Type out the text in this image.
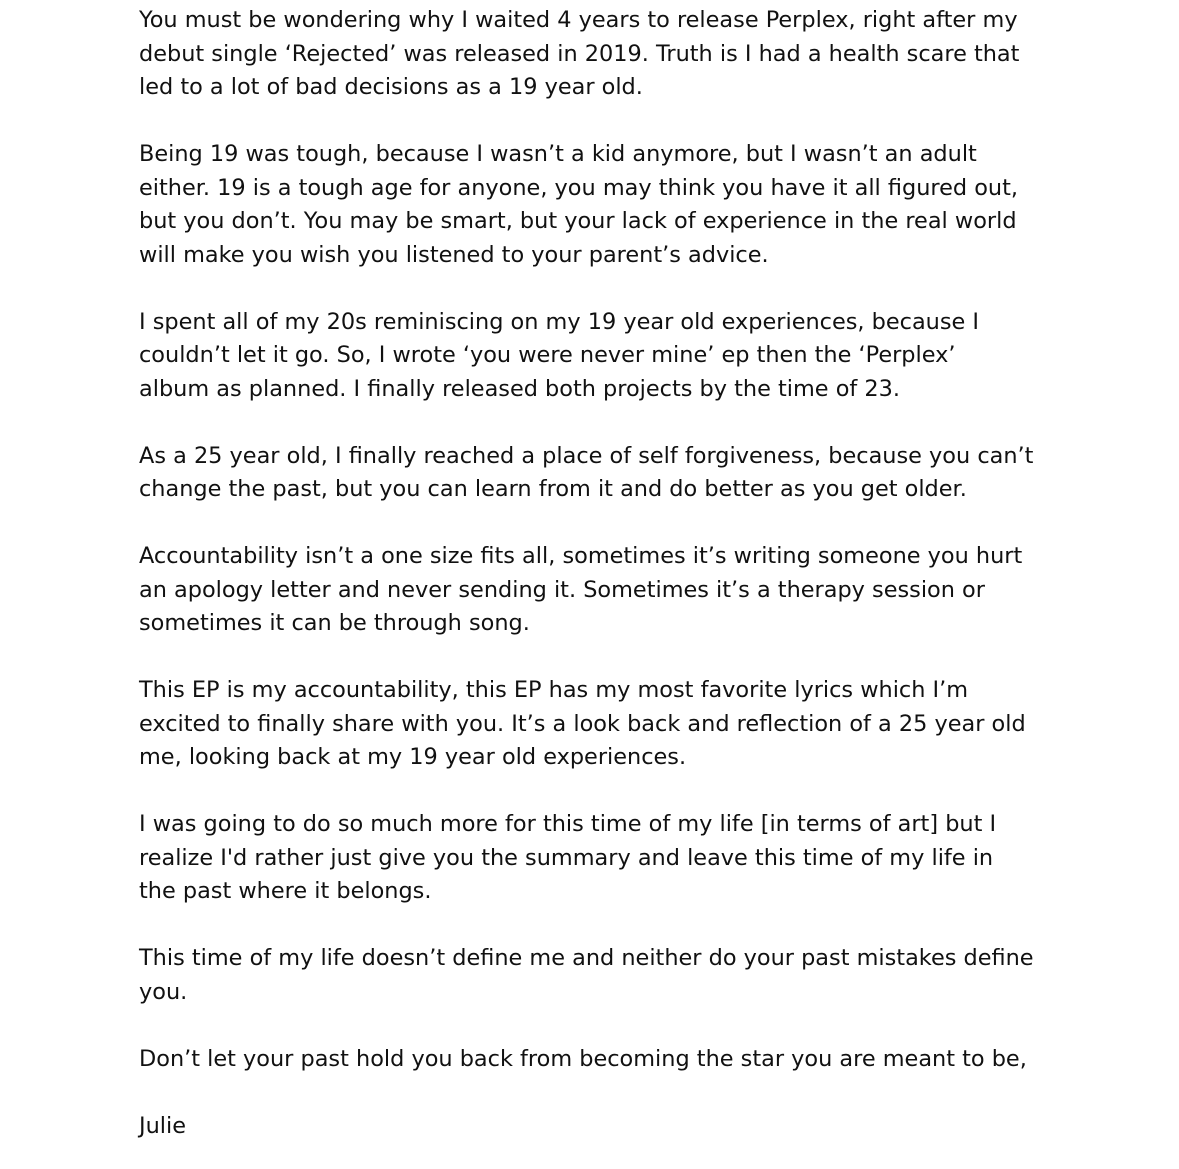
You must be wondering why I waited 4 years to release Perplex, right after my
debut single ‘Rejected’ was released in 2019. Truth is I had a health scare that
led to a lot of bad decisions as a 19 year old.

Being 19 was tough, because I wasn’t a kid anymore, but I wasn’t an adult
either. 19 is a tough age for anyone, you may think you have it all figured out,
but you don’t. You may be smart, but your lack of experience in the real world
will make you wish you listened to your parent’s advice.

I spent all of my 20s reminiscing on my 19 year old experiences, because I
couldn’t let it go. So, I wrote ‘you were never mine’ ep then the ‘Perplex’
album as planned. I finally released both projects by the time of 23.

As a 25 year old, I finally reached a place of self forgiveness, because you can’t
change the past, but you can learn from it and do better as you get older.

Accountability isn’t a one size fits all, sometimes it’s writing someone you hurt
an apology letter and never sending it. Sometimes it’s a therapy session or
sometimes it can be through song.

This EP is my accountability, this EP has my most favorite lyrics which I’m
excited to finally share with you. It’s a look back and reflection of a 25 year old
me, looking back at my 19 year old experiences.

I was going to do so much more for this time of my life [in terms of art] but I
realize I'd rather just give you the summary and leave this time of my life in
the past where it belongs.

This time of my life doesn’t define me and neither do your past mistakes define
you.

Don’t let your past hold you back from becoming the star you are meant to be,

Julie
